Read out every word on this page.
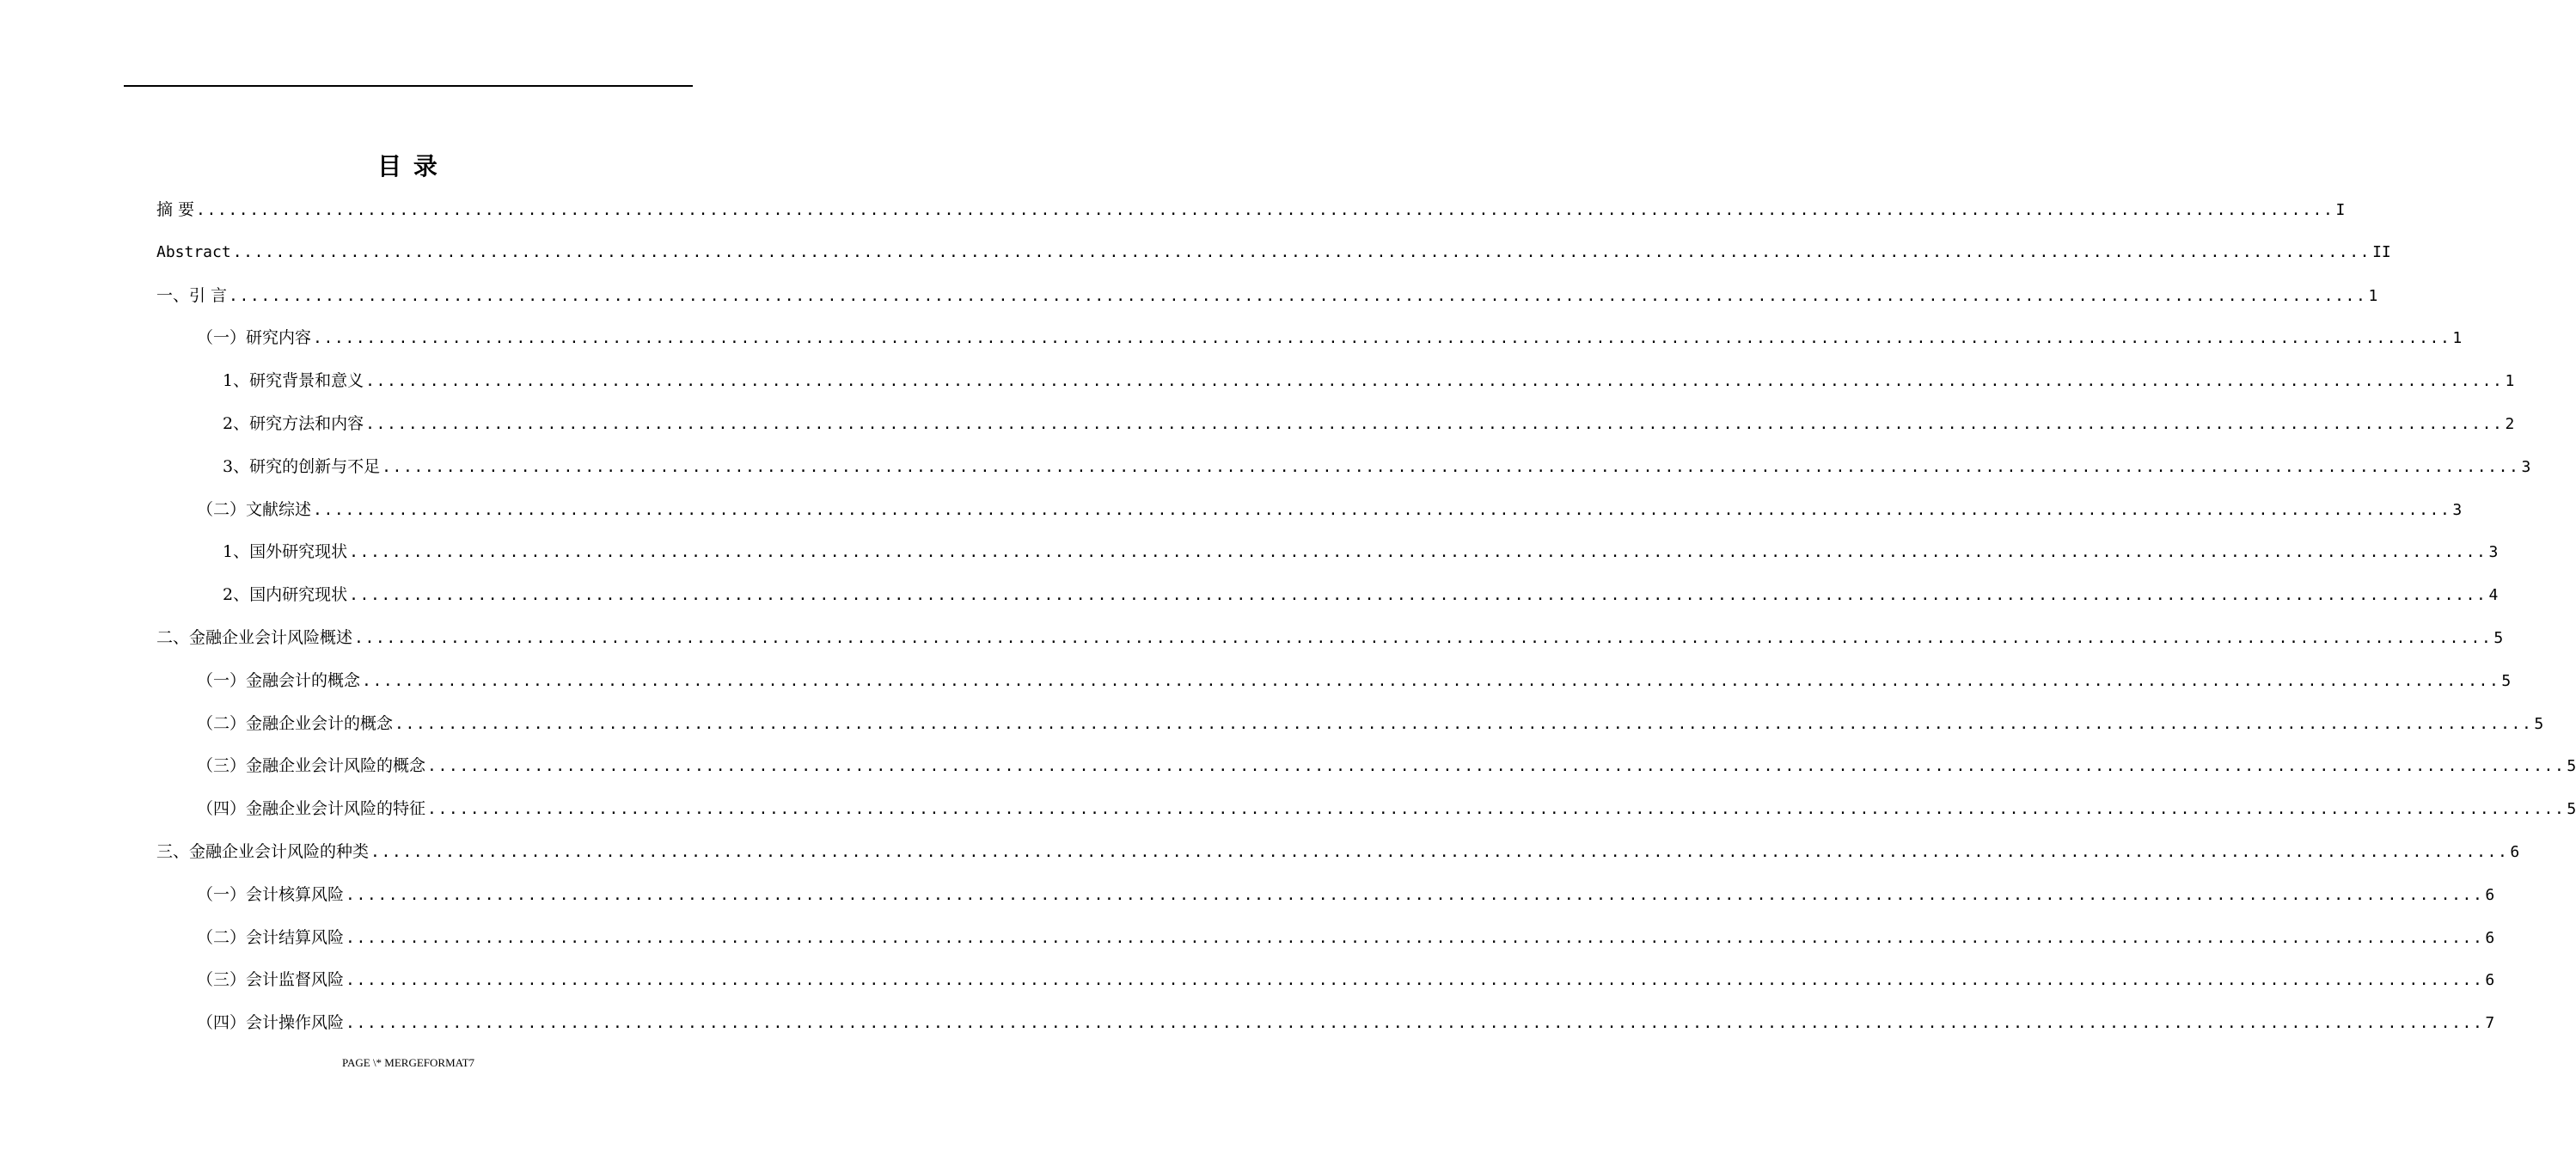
目 录
摘 要 ........................................................................................................................................................................................................ I
Abstract ........................................................................................................................................................................................................ II
一、引 言 ........................................................................................................................................................................................................ 1
（一）研究内容 ........................................................................................................................................................................................................ 1
1、研究背景和意义 ........................................................................................................................................................................................................ 1
2、研究方法和内容 ........................................................................................................................................................................................................ 2
3、研究的创新与不足 ........................................................................................................................................................................................................ 3
（二）文献综述 ........................................................................................................................................................................................................ 3
1、国外研究现状 ........................................................................................................................................................................................................ 3
2、国内研究现状 ........................................................................................................................................................................................................ 4
二、金融企业会计风险概述 ........................................................................................................................................................................................................ 5
（一）金融会计的概念 ........................................................................................................................................................................................................ 5
（二）金融企业会计的概念 ........................................................................................................................................................................................................ 5
（三）金融企业会计风险的概念 ........................................................................................................................................................................................................ 5
（四）金融企业会计风险的特征 ........................................................................................................................................................................................................ 5
三、金融企业会计风险的种类 ........................................................................................................................................................................................................ 6
（一）会计核算风险 ........................................................................................................................................................................................................ 6
（二）会计结算风险 ........................................................................................................................................................................................................ 6
（三）会计监督风险 ........................................................................................................................................................................................................ 6
（四）会计操作风险 ........................................................................................................................................................................................................ 7
PAGE \* MERGEFORMAT7
